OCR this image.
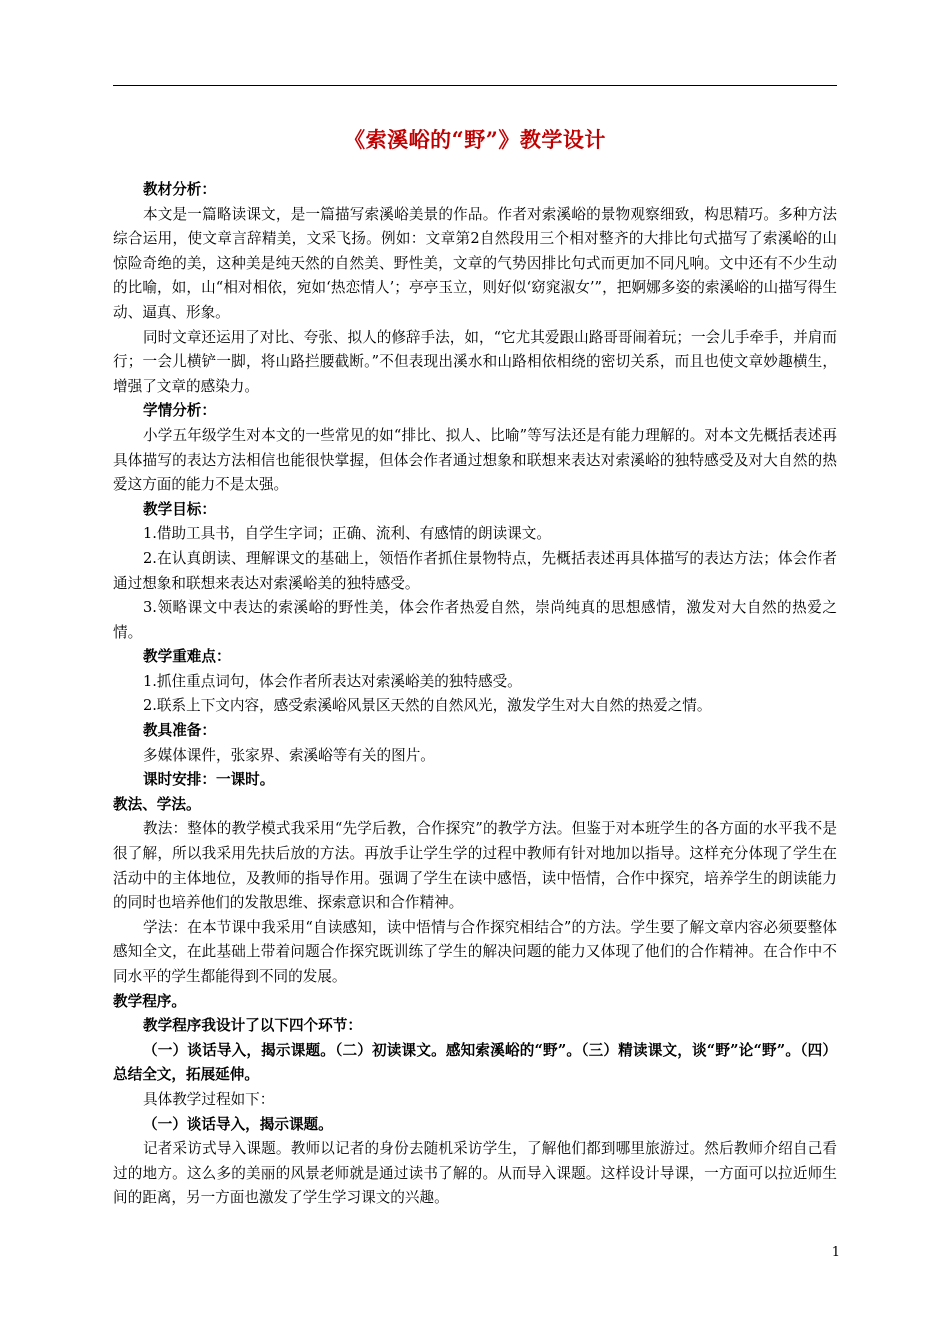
《索溪峪的“野”》教学设计

教材分析：

本文是一篇略读课文，是一篇描写索溪峪美景的作品。作者对索溪峪的景物观察细致，构思精巧。多种方法综合运用，使文章言辞精美，文采飞扬。例如：文章第2自然段用三个相对整齐的大排比句式描写了索溪峪的山惊险奇绝的美，这种美是纯天然的自然美、野性美，文章的气势因排比句式而更加不同凡响。文中还有不少生动的比喻，如，山“相对相依，宛如‘热恋情人’；亭亭玉立，则好似‘窈窕淑女’”，把婀娜多姿的索溪峪的山描写得生动、逼真、形象。

同时文章还运用了对比、夸张、拟人的修辞手法，如，“它尤其爱跟山路哥哥闹着玩；一会儿手牵手，并肩而行；一会儿横铲一脚，将山路拦腰截断。”不但表现出溪水和山路相依相绕的密切关系，而且也使文章妙趣横生，增强了文章的感染力。

学情分析：

小学五年级学生对本文的一些常见的如“排比、拟人、比喻”等写法还是有能力理解的。对本文先概括表述再具体描写的表达方法相信也能很快掌握，但体会作者通过想象和联想来表达对索溪峪的独特感受及对大自然的热爱这方面的能力不是太强。

教学目标：

1.借助工具书，自学生字词；正确、流利、有感情的朗读课文。

2.在认真朗读、理解课文的基础上，领悟作者抓住景物特点，先概括表述再具体描写的表达方法；体会作者通过想象和联想来表达对索溪峪美的独特感受。

3.领略课文中表达的索溪峪的野性美，体会作者热爱自然，崇尚纯真的思想感情，激发对大自然的热爱之情。

教学重难点：

1.抓住重点词句，体会作者所表达对索溪峪美的独特感受。

2.联系上下文内容，感受索溪峪风景区天然的自然风光，激发学生对大自然的热爱之情。

教具准备：

多媒体课件，张家界、索溪峪等有关的图片。

课时安排：一课时。

教法、学法。

教法：整体的教学模式我采用“先学后教，合作探究”的教学方法。但鉴于对本班学生的各方面的水平我不是很了解，所以我采用先扶后放的方法。再放手让学生学的过程中教师有针对地加以指导。这样充分体现了学生在活动中的主体地位，及教师的指导作用。强调了学生在读中感悟，读中悟情，合作中探究，培养学生的朗读能力的同时也培养他们的发散思维、探索意识和合作精神。

学法：在本节课中我采用“自读感知，读中悟情与合作探究相结合”的方法。学生要了解文章内容必须要整体感知全文，在此基础上带着问题合作探究既训练了学生的解决问题的能力又体现了他们的合作精神。在合作中不同水平的学生都能得到不同的发展。

教学程序。

教学程序我设计了以下四个环节：

（一）谈话导入，揭示课题。（二）初读课文。感知索溪峪的“野”。（三）精读课文，谈“野”论“野”。（四）总结全文，拓展延伸。

具体教学过程如下：

（一）谈话导入，揭示课题。

记者采访式导入课题。教师以记者的身份去随机采访学生，了解他们都到哪里旅游过。然后教师介绍自己看过的地方。这么多的美丽的风景老师就是通过读书了解的。从而导入课题。这样设计导课，一方面可以拉近师生间的距离，另一方面也激发了学生学习课文的兴趣。

1
